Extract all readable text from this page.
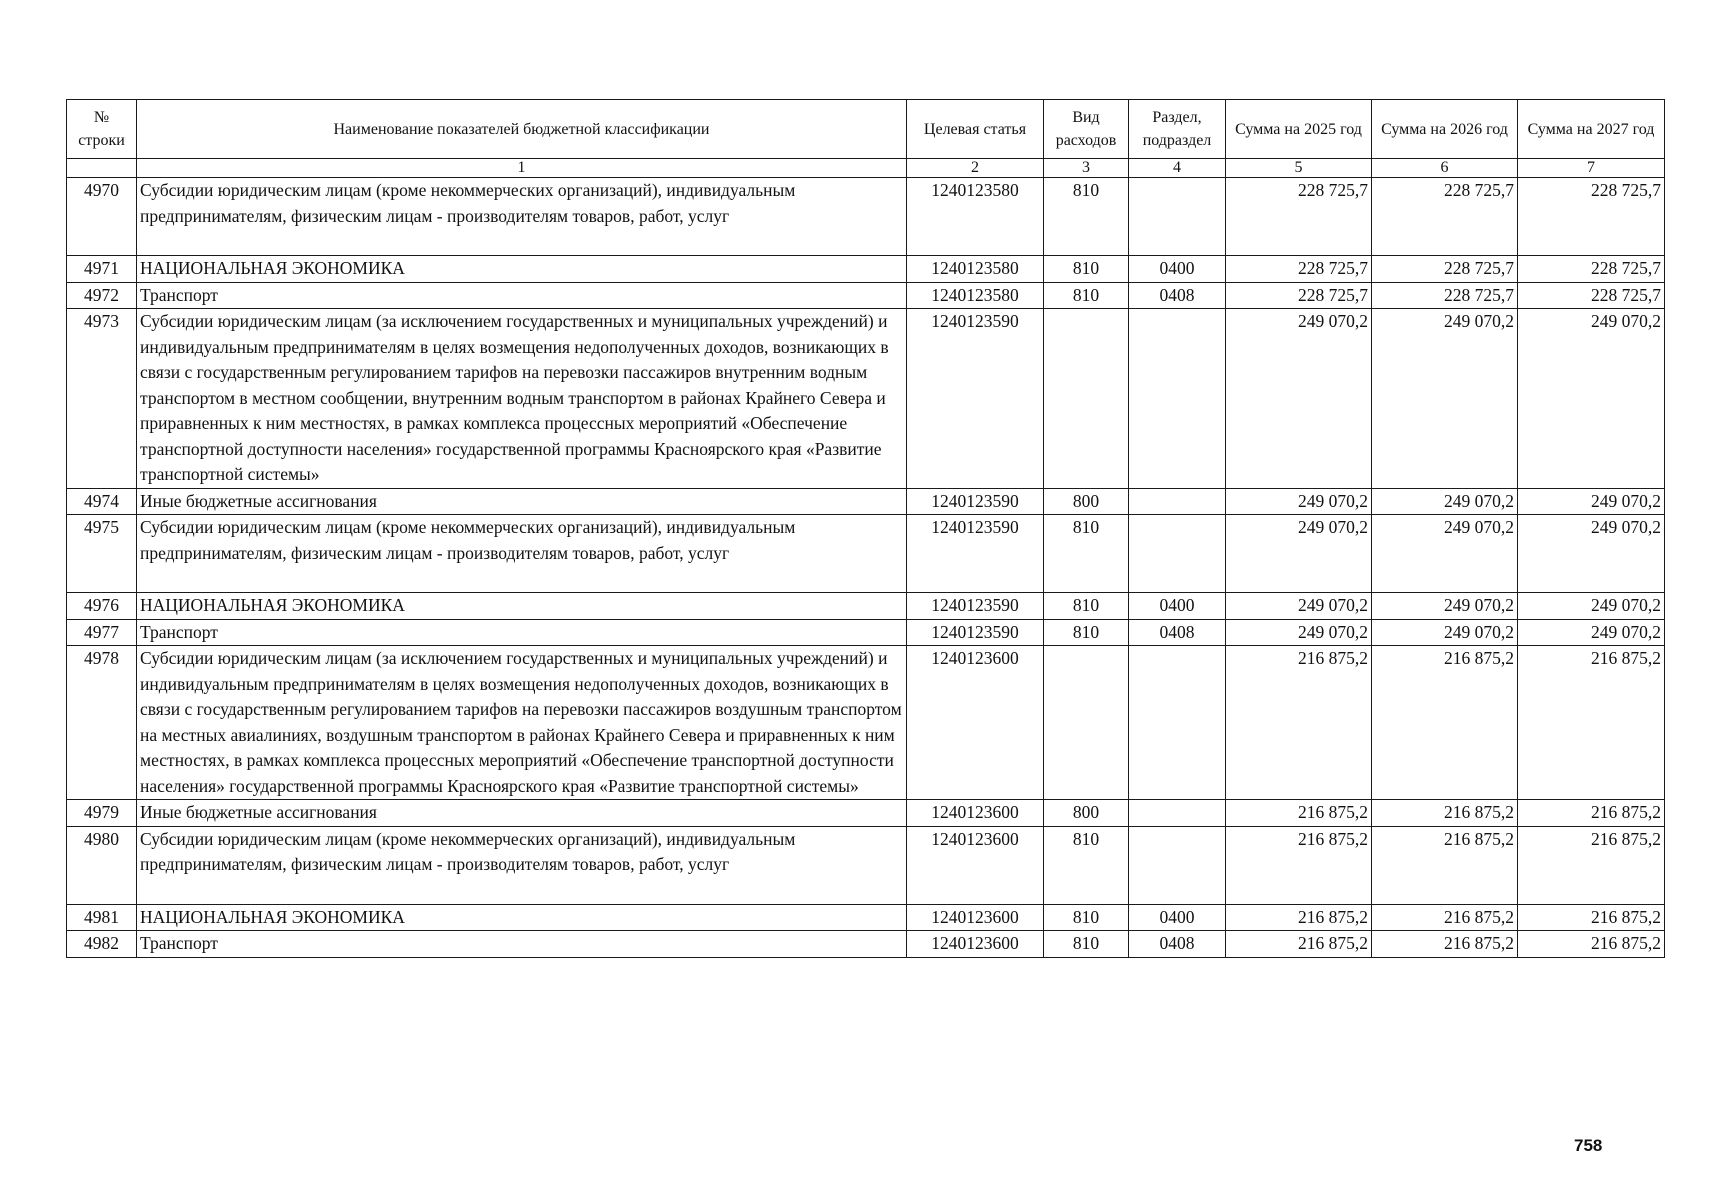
№ строки	Наименование показателей бюджетной классификации	Целевая статья	Вид расходов	Раздел, подраздел	Сумма на 2025 год	Сумма на 2026 год	Сумма на 2027 год
	1	2	3	4	5	6	7
4970	Субсидии юридическим лицам (кроме некоммерческих организаций), индивидуальным предпринимателям, физическим лицам - производителям товаров, работ, услуг	1240123580	810		228 725,7	228 725,7	228 725,7
4971	НАЦИОНАЛЬНАЯ ЭКОНОМИКА	1240123580	810	0400	228 725,7	228 725,7	228 725,7
4972	Транспорт	1240123580	810	0408	228 725,7	228 725,7	228 725,7
4973	Субсидии юридическим лицам (за исключением государственных и муниципальных учреждений) и индивидуальным предпринимателям в целях возмещения недополученных доходов, возникающих в связи с государственным регулированием тарифов на перевозки пассажиров внутренним водным транспортом в местном сообщении, внутренним водным транспортом в районах Крайнего Севера и приравненных к ним местностях, в рамках комплекса процессных мероприятий «Обеспечение транспортной доступности населения» государственной программы Красноярского края «Развитие транспортной системы»	1240123590			249 070,2	249 070,2	249 070,2
4974	Иные бюджетные ассигнования	1240123590	800		249 070,2	249 070,2	249 070,2
4975	Субсидии юридическим лицам (кроме некоммерческих организаций), индивидуальным предпринимателям, физическим лицам - производителям товаров, работ, услуг	1240123590	810		249 070,2	249 070,2	249 070,2
4976	НАЦИОНАЛЬНАЯ ЭКОНОМИКА	1240123590	810	0400	249 070,2	249 070,2	249 070,2
4977	Транспорт	1240123590	810	0408	249 070,2	249 070,2	249 070,2
4978	Субсидии юридическим лицам (за исключением государственных и муниципальных учреждений) и индивидуальным предпринимателям в целях возмещения недополученных доходов, возникающих в связи с государственным регулированием тарифов на перевозки пассажиров воздушным транспортом на местных авиалиниях, воздушным транспортом в районах Крайнего Севера и приравненных к ним местностях, в рамках комплекса процессных мероприятий «Обеспечение транспортной доступности населения» государственной программы Красноярского края «Развитие транспортной системы»	1240123600			216 875,2	216 875,2	216 875,2
4979	Иные бюджетные ассигнования	1240123600	800		216 875,2	216 875,2	216 875,2
4980	Субсидии юридическим лицам (кроме некоммерческих организаций), индивидуальным предпринимателям, физическим лицам - производителям товаров, работ, услуг	1240123600	810		216 875,2	216 875,2	216 875,2
4981	НАЦИОНАЛЬНАЯ ЭКОНОМИКА	1240123600	810	0400	216 875,2	216 875,2	216 875,2
4982	Транспорт	1240123600	810	0408	216 875,2	216 875,2	216 875,2
758
